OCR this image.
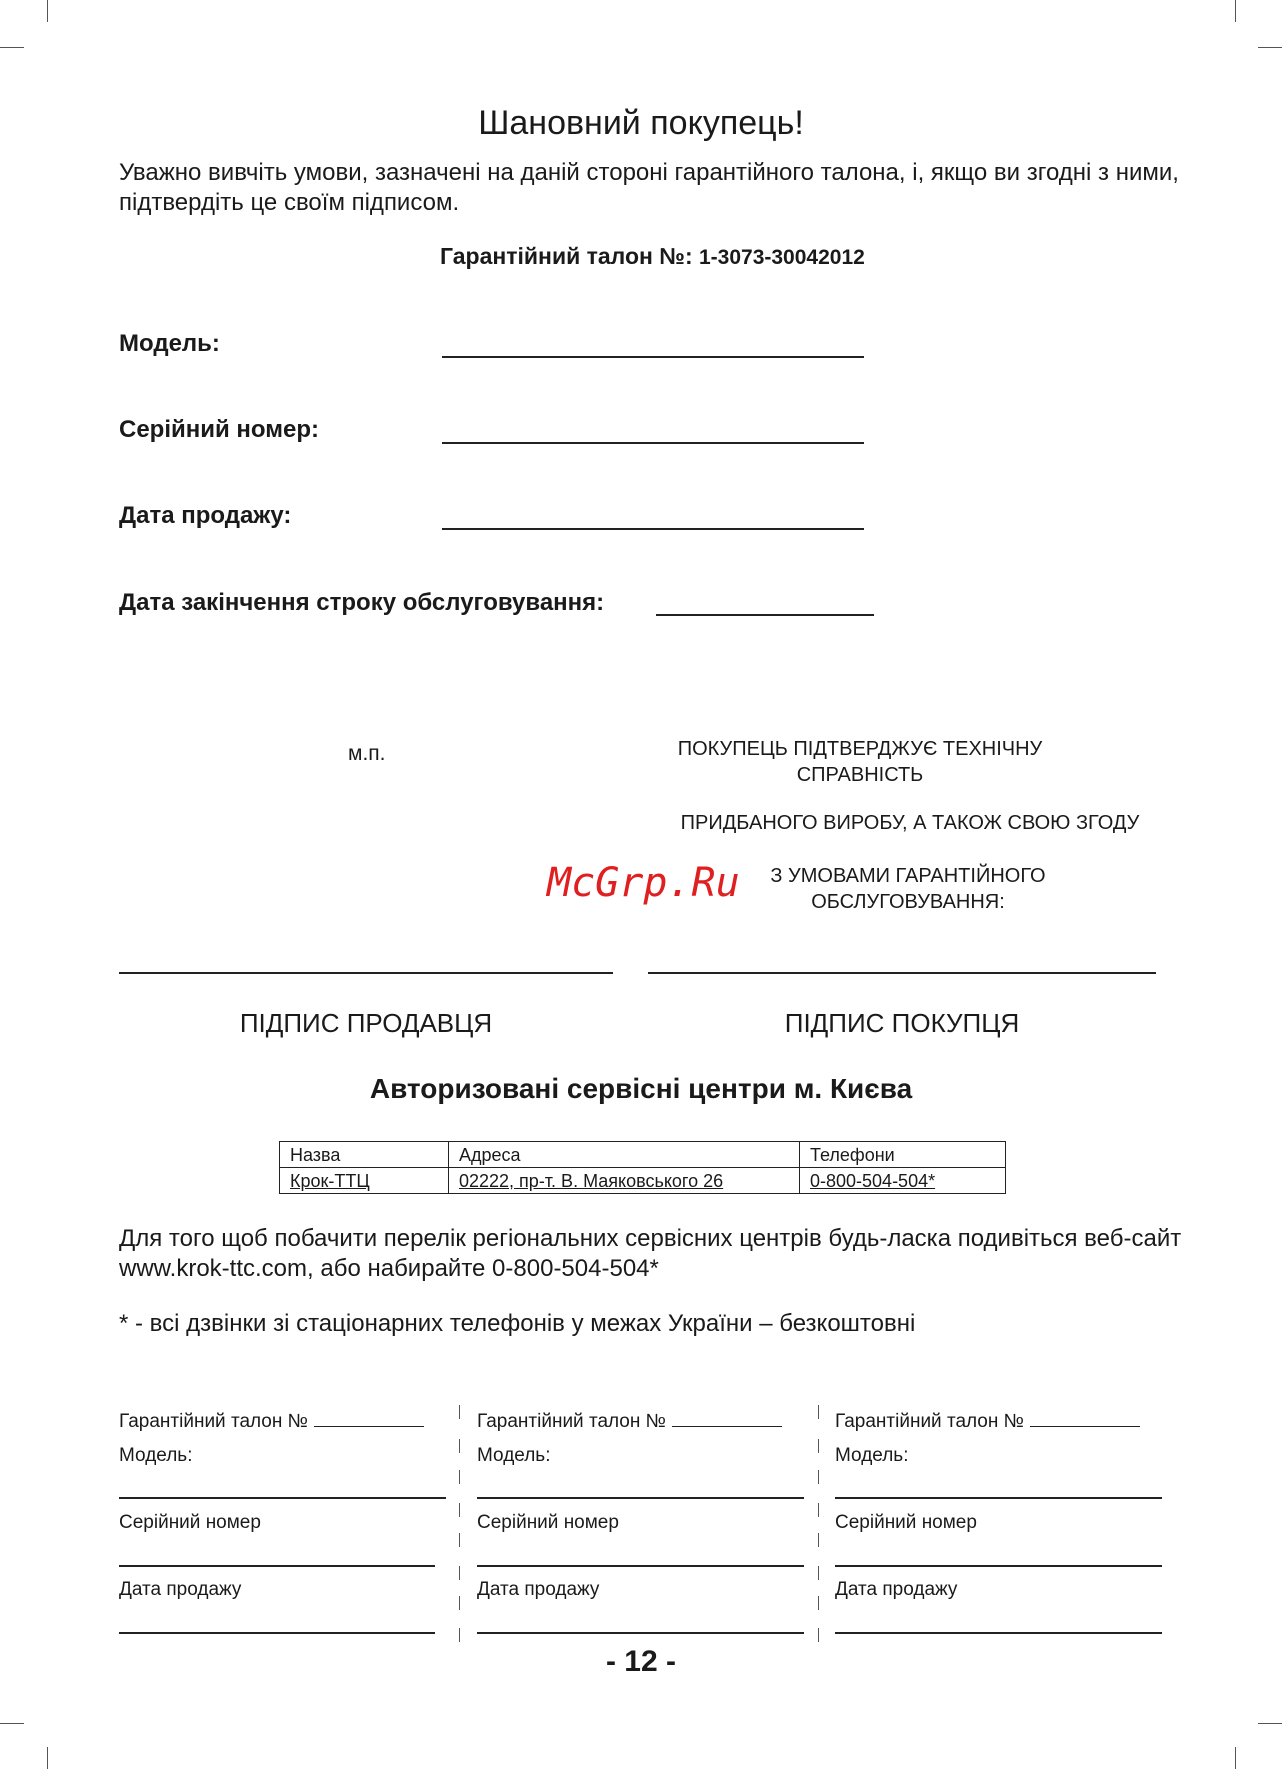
Шановний покупець!
Уважно вивчіть умови, зазначені на даній стороні гарантійного талона, і, якщо ви згодні з ними, підтвердіть це своїм підписом.
Гарантійний талон №: 1-3073-30042012
Модель:
Серійний номер:
Дата продажу:
Дата закінчення строку обслуговування:
м.п.	ПОКУПЕЦЬ ПІДТВЕРДЖУЄ ТЕХНІЧНУ
СПРАВНІСТЬ
ПРИДБАНОГО ВИРОБУ, А ТАКОЖ СВОЮ ЗГОДУ
З УМОВАМИ ГАРАНТІЙНОГО
ОБСЛУГОВУВАННЯ:
McGrp.Ru
ПІДПИС ПРОДАВЦЯ	ПІДПИС ПОКУПЦЯ
Авторизовані сервісні центри м. Києва
Назва	Адреса	Телефони
Крок-ТТЦ	02222, пр-т. В. Маяковського 26	0-800-504-504*
Для того щоб побачити перелік регіональних сервісних центрів будь-ласка подивіться веб-сайт www.krok-ttc.com, або набирайте 0-800-504-504*
* - всі дзвінки зі стаціонарних телефонів у межах України – безкоштовні
Гарантійний талон №
Модель:
Серійний номер
Дата продажу
Гарантійний талон №
Модель:
Серійний номер
Дата продажу
Гарантійний талон №
Модель:
Серійний номер
Дата продажу
- 12 -
